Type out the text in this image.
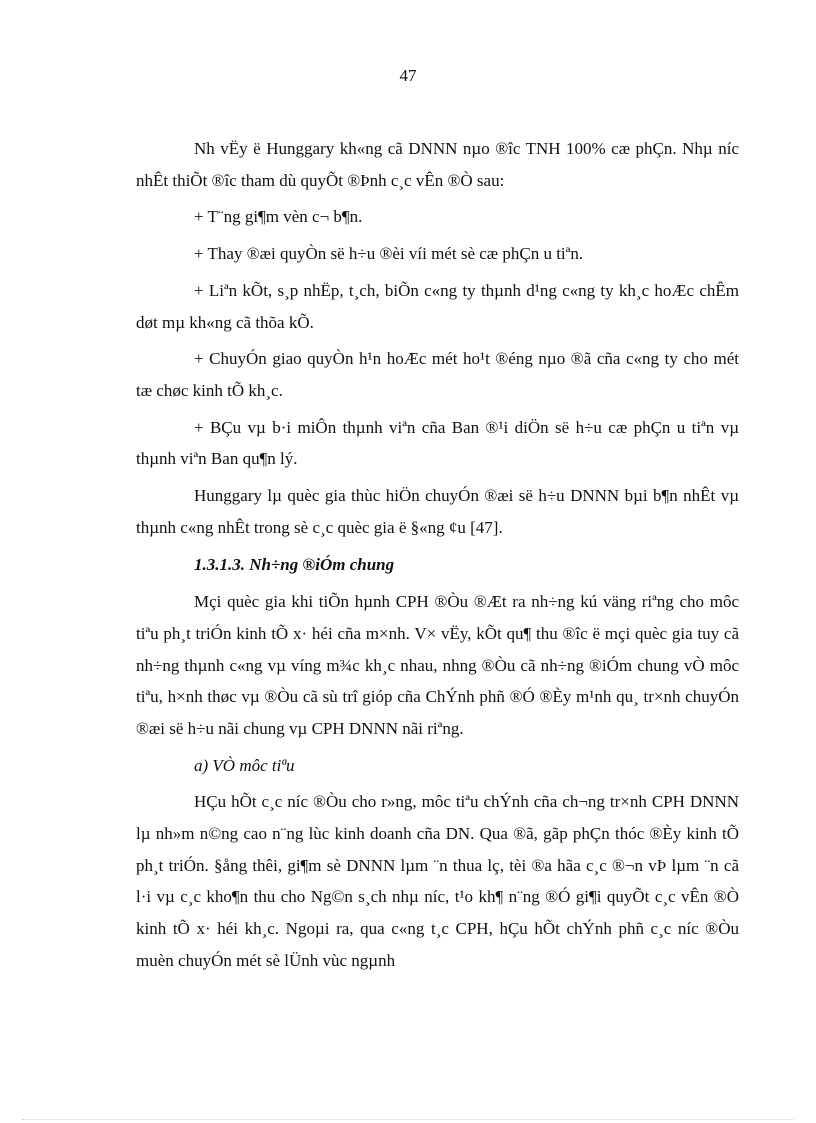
47

Nh vËy ë Hunggary kh«ng cã DNNN nµo ®îc TNH 100% cæ phÇn. Nhµ níc nhÊt thiÕt ®îc tham dù quyÕt ®Þnh c¸c vÊn ®Ò sau:

+ T¨ng gi¶m vèn c¬ b¶n.

+ Thay ®æi quyÒn së h÷u ®èi víi mét sè cæ phÇn u tiªn.

+ Liªn kÕt, s¸p nhËp, t¸ch, biÕn c«ng ty thµnh d¹ng c«ng ty kh¸c hoÆc chÊm døt mµ kh«ng cã thõa kÕ.

+ ChuyÓn giao quyÒn h¹n hoÆc mét ho¹t ®éng nµo ®ã cña c«ng ty cho mét tæ chøc kinh tÕ kh¸c.

+ BÇu vµ b·i miÔn thµnh viªn cña Ban ®¹i diÖn së h÷u cæ phÇn u tiªn vµ thµnh viªn Ban qu¶n lý.

Hunggary lµ quèc gia thùc hiÖn chuyÓn ®æi së h÷u DNNN bµi b¶n nhÊt vµ thµnh c«ng nhÊt trong sè c¸c quèc gia ë §«ng ¢u [47].

1.3.1.3. Nh÷ng ®iÓm chung

Mçi quèc gia khi tiÕn hµnh CPH ®Òu ®Æt ra nh÷ng kú väng riªng cho môc tiªu ph¸t triÓn kinh tÕ x· héi cña m×nh. V× vËy, kÕt qu¶ thu ®îc ë mçi quèc gia tuy cã nh÷ng thµnh c«ng vµ víng m¾c kh¸c nhau, nhng ®Òu cã nh÷ng ®iÓm chung vÒ môc tiªu, h×nh thøc vµ ®Òu cã sù trî gióp cña ChÝnh phñ ®Ó ®Èy m¹nh qu¸ tr×nh chuyÓn ®æi së h÷u nãi chung vµ CPH DNNN nãi riªng.

a) VÒ môc tiªu

HÇu hÕt c¸c níc ®Òu cho r»ng, môc tiªu chÝnh cña ch¬ng tr×nh CPH DNNN lµ nh»m n©ng cao n¨ng lùc kinh doanh cña DN. Qua ®ã, gãp phÇn thóc ®Èy kinh tÕ ph¸t triÓn. §ång thêi, gi¶m sè DNNN lµm ¨n thua lç, tèi ®a hãa c¸c ®¬n vÞ lµm ¨n cã l·i vµ c¸c kho¶n thu cho Ng©n s¸ch nhµ níc, t¹o kh¶ n¨ng ®Ó gi¶i quyÕt c¸c vÊn ®Ò kinh tÕ x· héi kh¸c. Ngoµi ra, qua c«ng t¸c CPH, hÇu hÕt chÝnh phñ c¸c níc ®Òu muèn chuyÓn mét sè lÜnh vùc ngµnh
